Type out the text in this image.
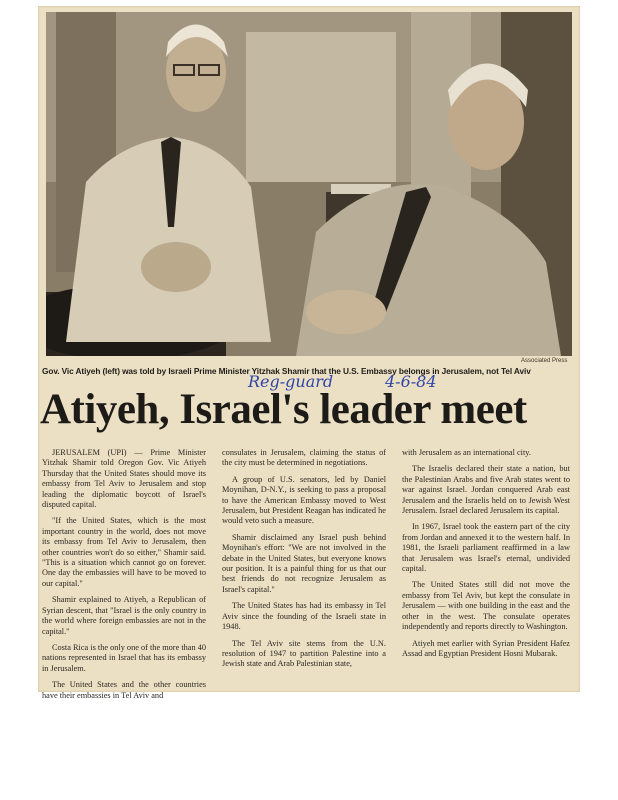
Associated Press
Gov. Vic Atiyeh (left) was told by Israeli Prime Minister Yitzhak Shamir that the U.S. Embassy belongs in Jerusalem, not Tel Aviv
Reg-guard	4-6-84
Atiyeh, Israel's leader meet

JERUSALEM (UPI) — Prime Minister Yitzhak Shamir told Oregon Gov. Vic Atiyeh Thursday that the United States should move its embassy from Tel Aviv to Jerusalem and stop leading the diplomatic boycott of Israel's disputed capital.

"If the United States, which is the most important country in the world, does not move its embassy from Tel Aviv to Jerusalem, then other countries won't do so either," Shamir said. "This is a situation which cannot go on forever. One day the embassies will have to be moved to our capital."

Shamir explained to Atiyeh, a Republican of Syrian descent, that "Israel is the only country in the world where foreign embassies are not in the capital."

Costa Rica is the only one of the more than 40 nations represented in Israel that has its embassy in Jerusalem.

The United States and the other countries have their embassies in Tel Aviv and

consulates in Jerusalem, claiming the status of the city must be determined in negotiations.

A group of U.S. senators, led by Daniel Moynihan, D-N.Y., is seeking to pass a proposal to have the American Embassy moved to West Jerusalem, but President Reagan has indicated he would veto such a measure.

Shamir disclaimed any Israel push behind Moynihan's effort: "We are not involved in the debate in the United States, but everyone knows our position. It is a painful thing for us that our best friends do not recognize Jerusalem as Israel's capital."

The United States has had its embassy in Tel Aviv since the founding of the Israeli state in 1948.

The Tel Aviv site stems from the U.N. resolution of 1947 to partition Palestine into a Jewish state and Arab Palestinian state,

with Jerusalem as an international city.

The Israelis declared their state a nation, but the Palestinian Arabs and five Arab states went to war against Israel. Jordan conquered Arab east Jerusalem and the Israelis held on to Jewish West Jerusalem. Israel declared Jerusalem its capital.

In 1967, Israel took the eastern part of the city from Jordan and annexed it to the western half. In 1981, the Israeli parliament reaffirmed in a law that Jerusalem was Israel's eternal, undivided capital.

The United States still did not move the embassy from Tel Aviv, but kept the consulate in Jerusalem — with one building in the east and the other in the west. The consulate operates independently and reports directly to Washington.

Atiyeh met earlier with Syrian President Hafez Assad and Egyptian President Hosni Mubarak.
